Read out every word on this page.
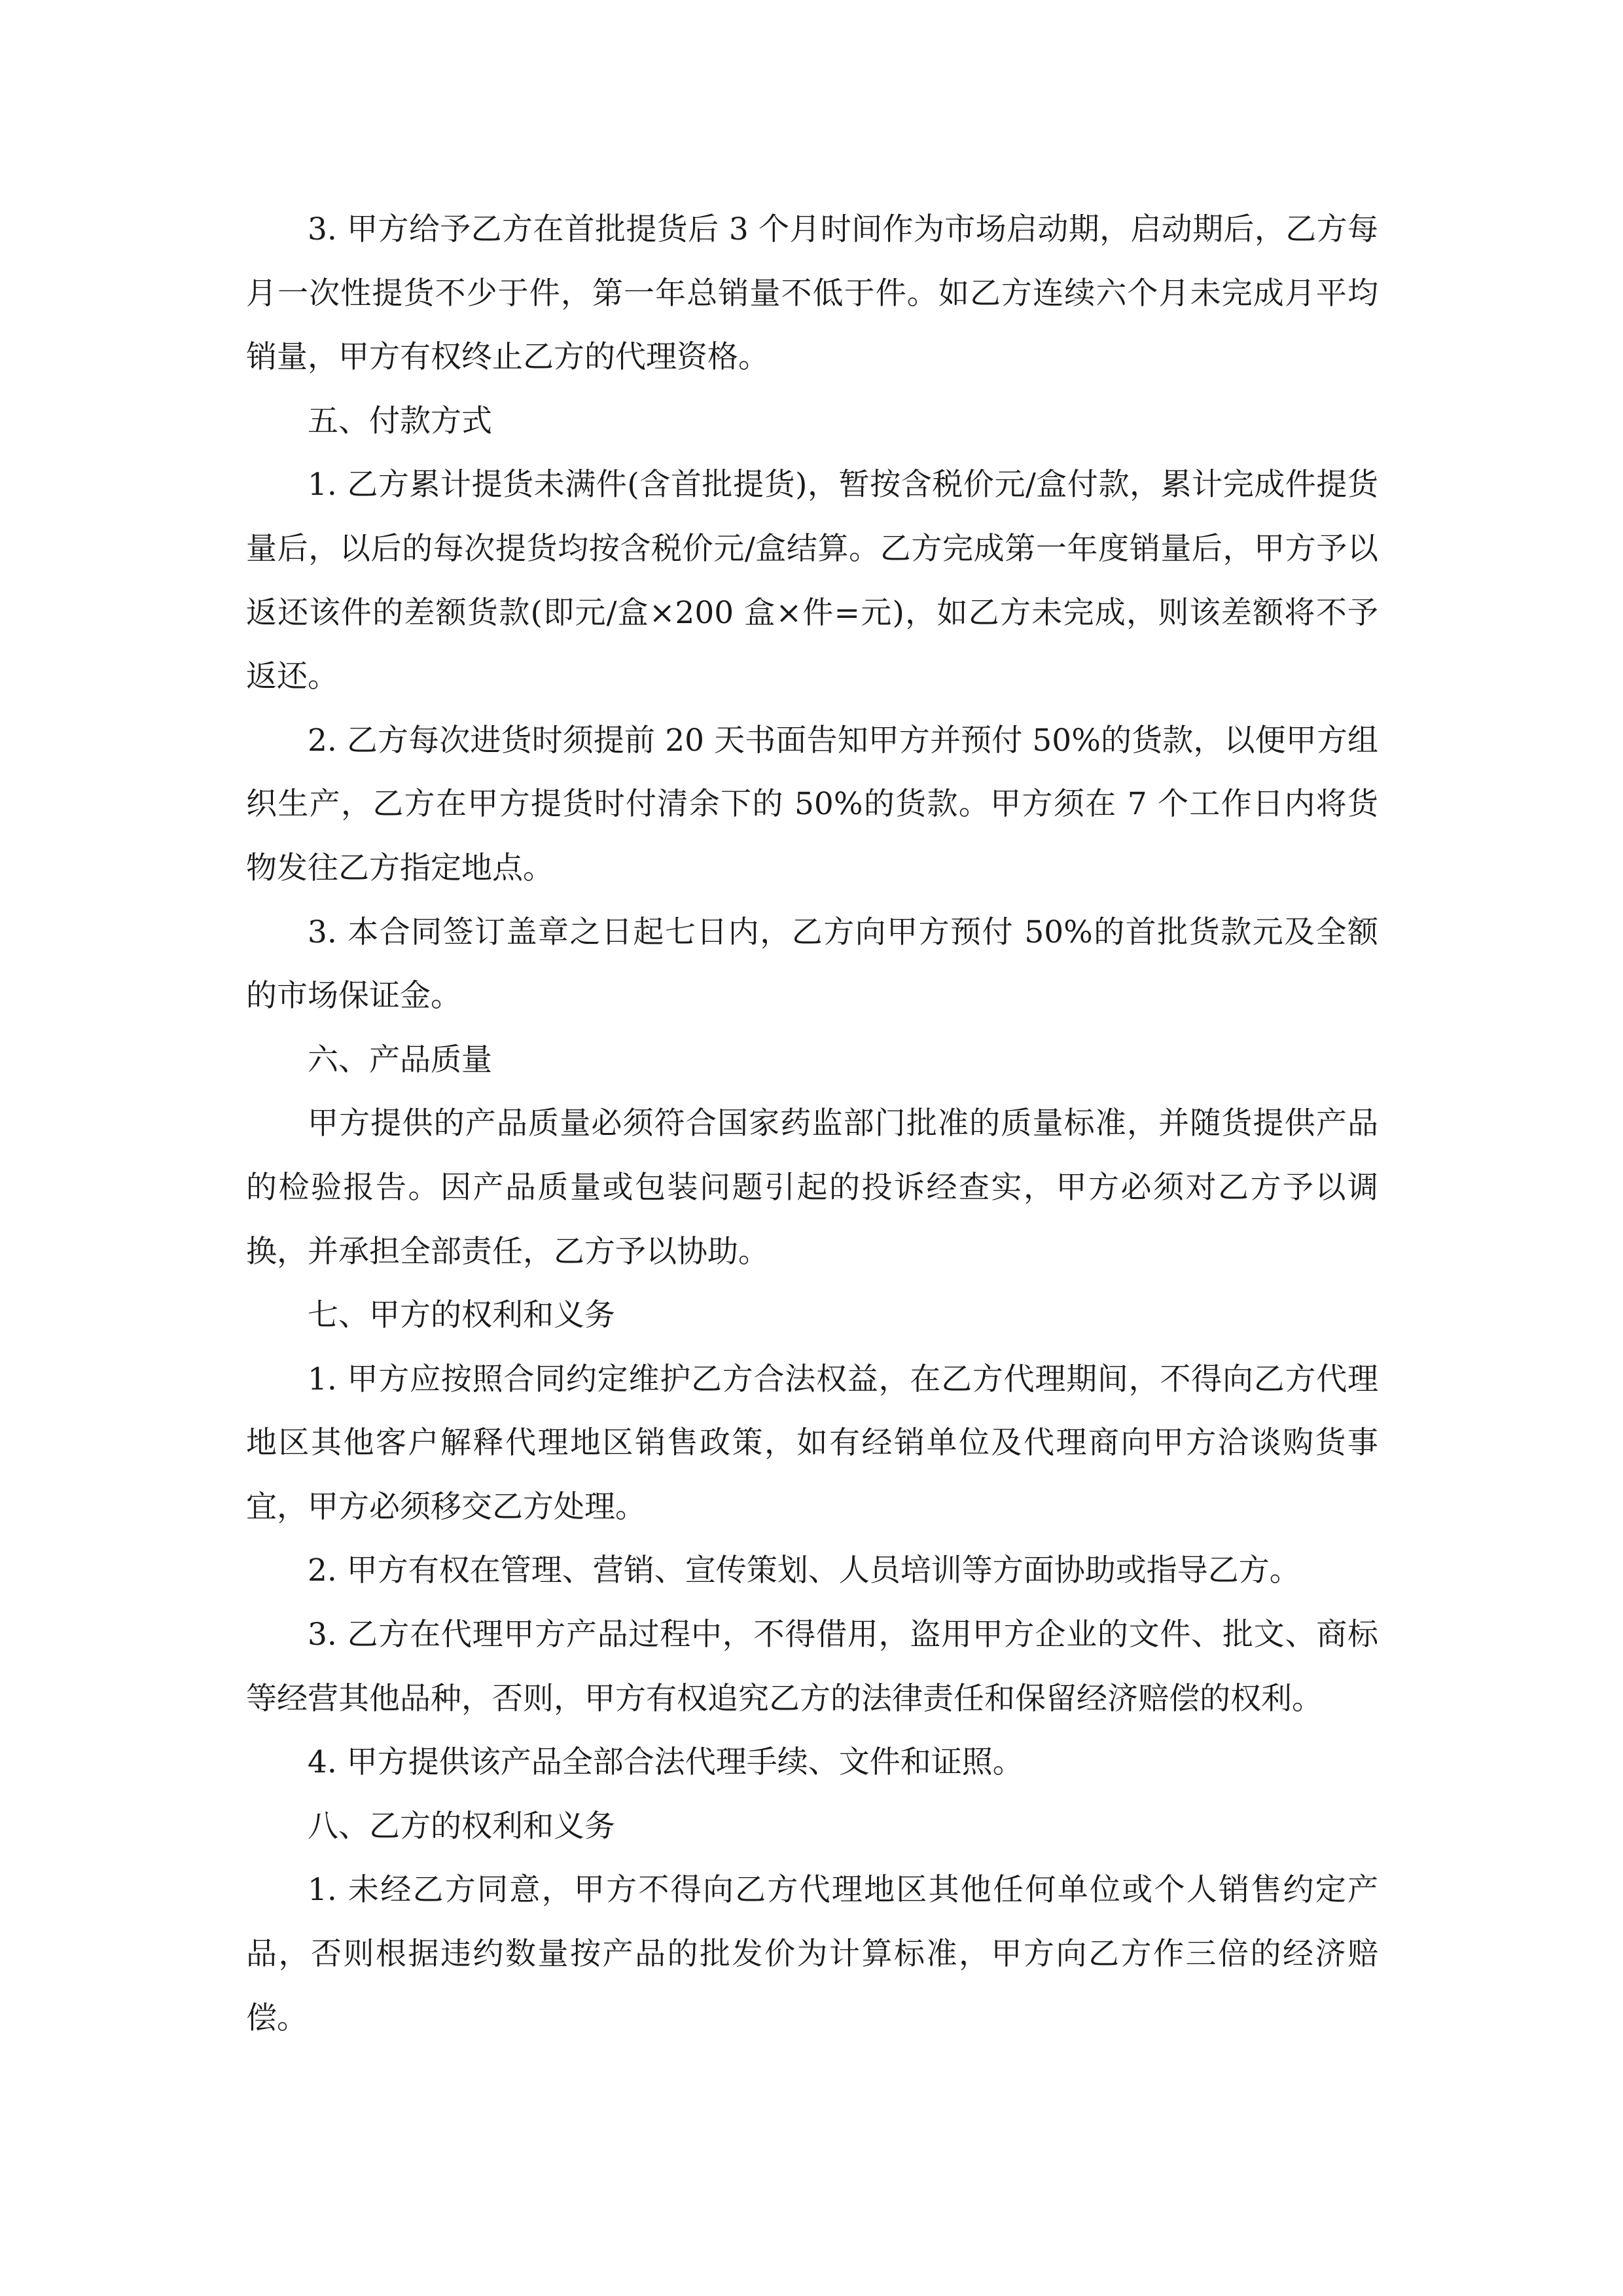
3. 甲方给予乙方在首批提货后 3 个月时间作为市场启动期，启动期后，乙方每月一次性提货不少于件，第一年总销量不低于件。如乙方连续六个月未完成月平均销量，甲方有权终止乙方的代理资格。

五、付款方式

1. 乙方累计提货未满件(含首批提货)，暂按含税价元/盒付款，累计完成件提货量后，以后的每次提货均按含税价元/盒结算。乙方完成第一年度销量后，甲方予以返还该件的差额货款(即元/盒×200 盒×件=元)，如乙方未完成，则该差额将不予返还。

2. 乙方每次进货时须提前 20 天书面告知甲方并预付 50%的货款，以便甲方组织生产，乙方在甲方提货时付清余下的 50%的货款。甲方须在 7 个工作日内将货物发往乙方指定地点。

3. 本合同签订盖章之日起七日内，乙方向甲方预付 50%的首批货款元及全额的市场保证金。

六、产品质量

甲方提供的产品质量必须符合国家药监部门批准的质量标准，并随货提供产品的检验报告。因产品质量或包装问题引起的投诉经查实，甲方必须对乙方予以调换，并承担全部责任，乙方予以协助。

七、甲方的权利和义务

1. 甲方应按照合同约定维护乙方合法权益，在乙方代理期间，不得向乙方代理地区其他客户解释代理地区销售政策，如有经销单位及代理商向甲方洽谈购货事宜，甲方必须移交乙方处理。

2. 甲方有权在管理、营销、宣传策划、人员培训等方面协助或指导乙方。

3. 乙方在代理甲方产品过程中，不得借用，盗用甲方企业的文件、批文、商标等经营其他品种，否则，甲方有权追究乙方的法律责任和保留经济赔偿的权利。

4. 甲方提供该产品全部合法代理手续、文件和证照。

八、乙方的权利和义务

1. 未经乙方同意，甲方不得向乙方代理地区其他任何单位或个人销售约定产品，否则根据违约数量按产品的批发价为计算标准，甲方向乙方作三倍的经济赔偿。
